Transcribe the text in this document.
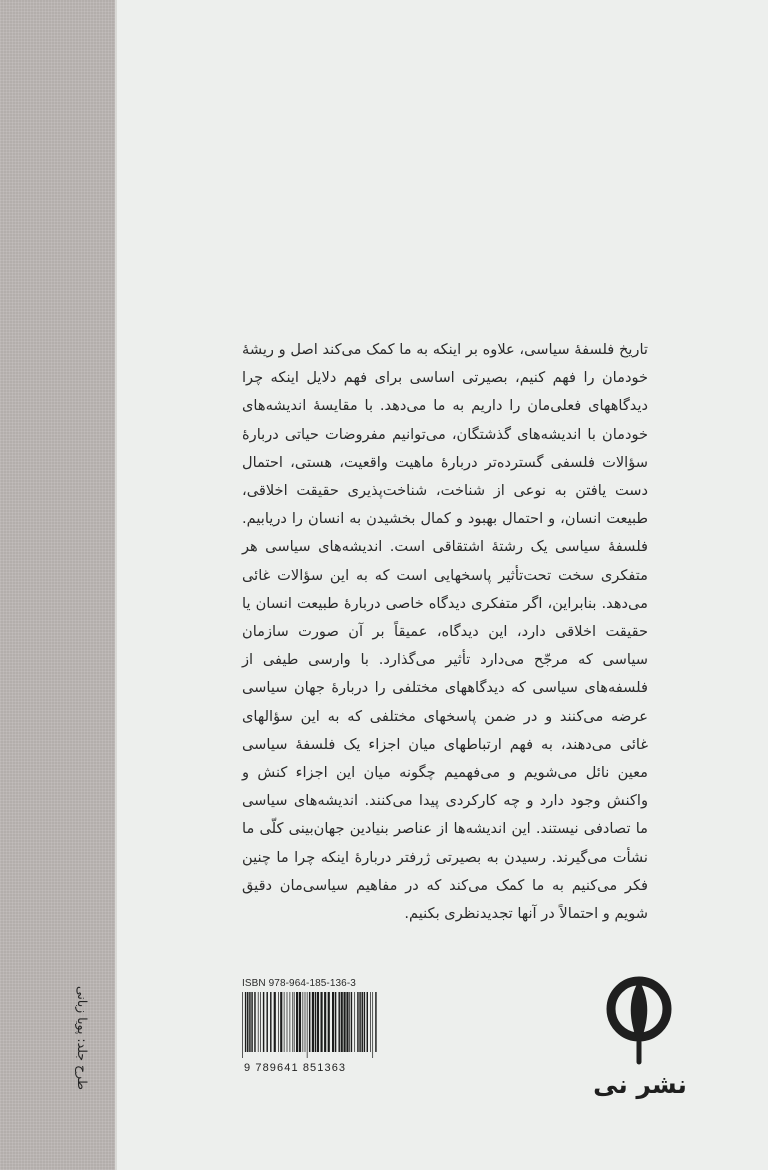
طرح جلد: پویا زبانی

تاریخ فلسفهٔ سیاسی، علاوه بر اینکه به ما کمک می‌کند اصل و ریشهٔ خودمان را فهم کنیم، بصیرتی اساسی برای فهم دلایل اینکه چرا دیدگاههای فعلی‌مان را داریم به ما می‌دهد. با مقایسهٔ اندیشه‌های خودمان با اندیشه‌های گذشتگان، می‌توانیم مفروضات حیاتی دربارهٔ سؤالات فلسفی گسترده‌تر دربارهٔ ماهیت واقعیت، هستی، احتمال دست یافتن به نوعی از شناخت، شناخت‌پذیری حقیقت اخلاقی، طبیعت انسان، و احتمال بهبود و کمال بخشیدن به انسان را دریابیم. فلسفهٔ سیاسی یک رشتهٔ اشتقاقی است. اندیشه‌های سیاسی هر متفکری سخت تحت‌تأثیر پاسخهایی است که به این سؤالات غائی می‌دهد. بنابراین، اگر متفکری دیدگاه خاصی دربارهٔ طبیعت انسان یا حقیقت اخلاقی دارد، این دیدگاه، عمیقاً بر آن صورت سازمان سیاسی که مرجّح می‌دارد تأثیر می‌گذارد. با وارسی طیفی از فلسفه‌های سیاسی که دیدگاههای مختلفی را دربارهٔ جهان سیاسی عرضه می‌کنند و در ضمن پاسخهای مختلفی که به این سؤالهای غائی می‌دهند، به فهم ارتباطهای میان اجزاء یک فلسفهٔ سیاسی معین نائل می‌شویم و می‌فهمیم چگونه میان این اجزاء کنش و واکنش وجود دارد و چه کارکردی پیدا می‌کنند. اندیشه‌های سیاسی ما تصادفی نیستند. این اندیشه‌ها از عناصر بنیادین جهان‌بینی کلّی ما نشأت می‌گیرند. رسیدن به بصیرتی ژرفتر دربارهٔ اینکه چرا ما چنین فکر می‌کنیم به ما کمک می‌کند که در مفاهیم سیاسی‌مان دقیق شویم و احتمالاً در آنها تجدیدنظری بکنیم.

ISBN 978-964-185-136-3
9 789641 851363
نشر نی
